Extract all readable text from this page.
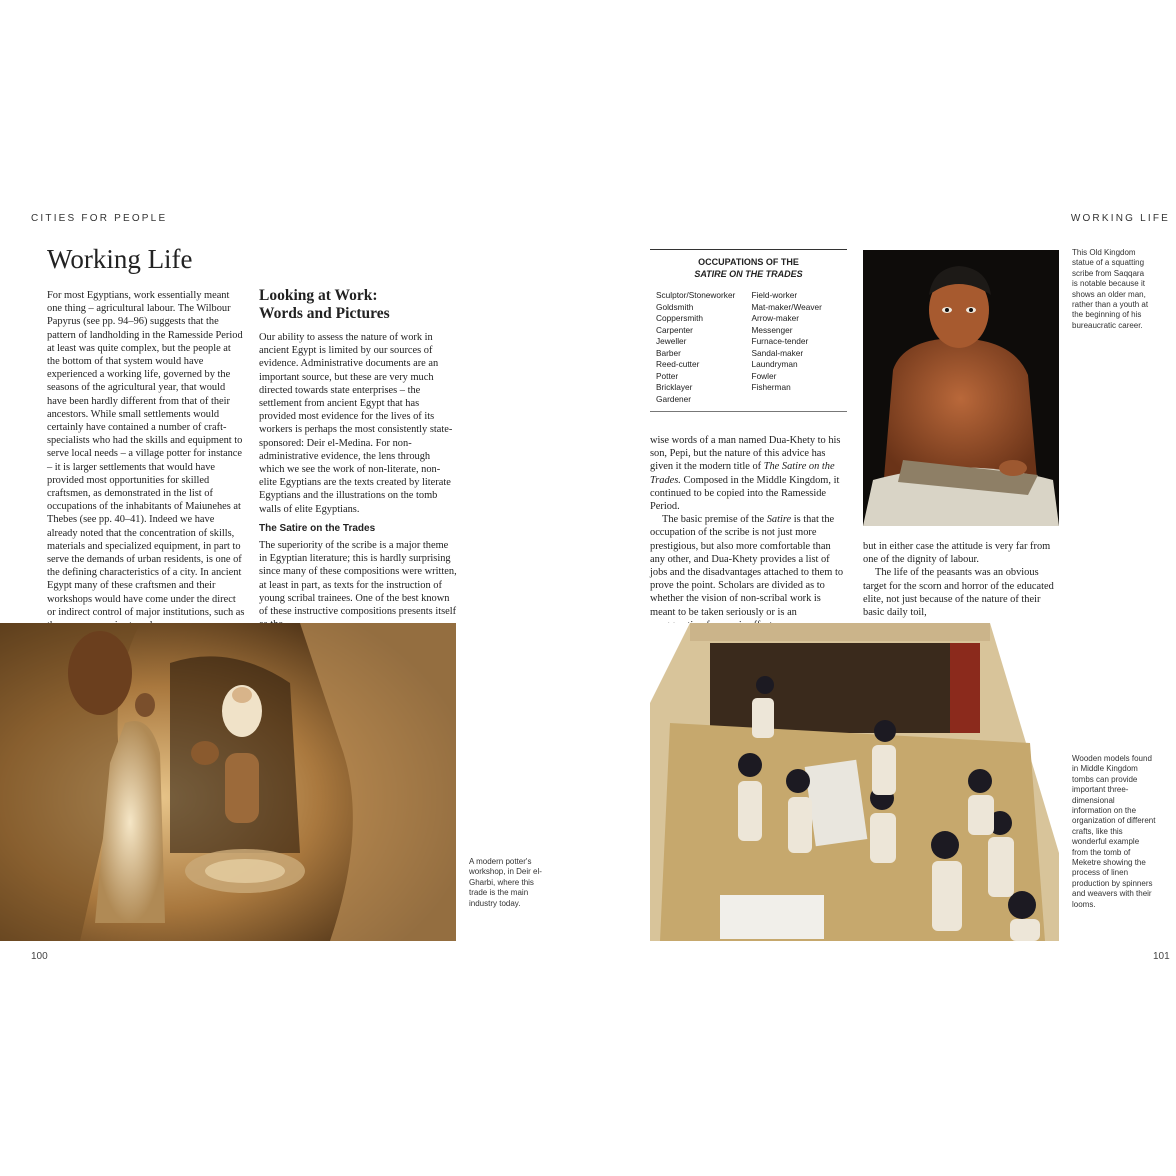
CITIES FOR PEOPLE	WORKING LIFE
Working Life

For most Egyptians, work essentially meant one thing – agricultural labour. The Wilbour Papyrus (see pp. 94–96) suggests that the pattern of landholding in the Ramesside Period at least was quite complex, but the people at the bottom of that system would have experienced a working life, governed by the seasons of the agricultural year, that would have been hardly different from that of their ancestors. While small settlements would certainly have contained a number of craft-specialists who had the skills and equipment to serve local needs – a village potter for instance – it is larger settlements that would have provided most opportunities for skilled craftsmen, as demonstrated in the list of occupations of the inhabitants of Maiunehes at Thebes (see pp. 40–41). Indeed we have already noted that the concentration of skills, materials and specialized equipment, in part to serve the demands of urban residents, is one of the defining characteristics of a city. In ancient Egypt many of these craftsmen and their workshops would have come under the direct or indirect control of major institutions, such as

Looking at Work: Words and Pictures

Our ability to assess the nature of work in ancient Egypt is limited by our sources of evidence. Administrative documents are an important source, but these are very much directed towards state enterprises – the settlement from ancient Egypt that has provided most evidence for the lives of its workers is perhaps the most consistently state-sponsored: Deir el-Medina. For non-administrative evidence, the lens through which we see the work of non-literate, non-elite Egyptians are the texts created by literate Egyptians and the illustrations on the tomb walls of elite Egyptians.

The Satire on the Trades

The superiority of the scribe is a major theme in Egyptian literature; this is hardly surprising since many of these compositions were written, at least in part, as texts for the instruction of young scribal trainees. One of the best known of these instructive compositions presents itself

A modern potter's workshop, in Deir el-Gharbi, where this trade is the main industry today.
OCCUPATIONS OF THE
SATIRE ON THE TRADES
Sculptor/Stoneworker
Goldsmith
Coppersmith
Carpenter
Jeweller
Barber
Reed-cutter
Potter
Bricklayer
Gardener
Field-worker
Mat-maker/Weaver
Arrow-maker
Messenger
Furnace-tender
Sandal-maker
Laundryman
Fowler
Fisherman
This Old Kingdom statue of a squatting scribe from Saqqara is notable because it shows an older man, rather than a youth at the beginning of his bureaucratic career.

wise words of a man named Dua-Khety to his son, Pepi, but the nature of this advice has given it the modern title of The Satire on the Trades. Composed in the Middle Kingdom, it continued to be copied into the Ramesside Period.

The basic premise of the Satire is that the occupation of the scribe is not just more prestigious, but also more comfortable than any other, and Dua-Khety provides a list of jobs and the disadvantages attached to them to prove the point. Scholars are divided as to whether the vision of non-scribal work is meant to be taken seriously or is an

but in either case the attitude is very far from one of the dignity of labour.

The life of the peasants was an obvious target for the scorn and horror of the educated elite, not just because of the nature of their basic daily toil,

Wooden models found in Middle Kingdom tombs can provide important three-dimensional information on the organization of different crafts, like this wonderful example from the tomb of Meketre showing the process of linen production by spinners and weavers with their looms.
100	101
